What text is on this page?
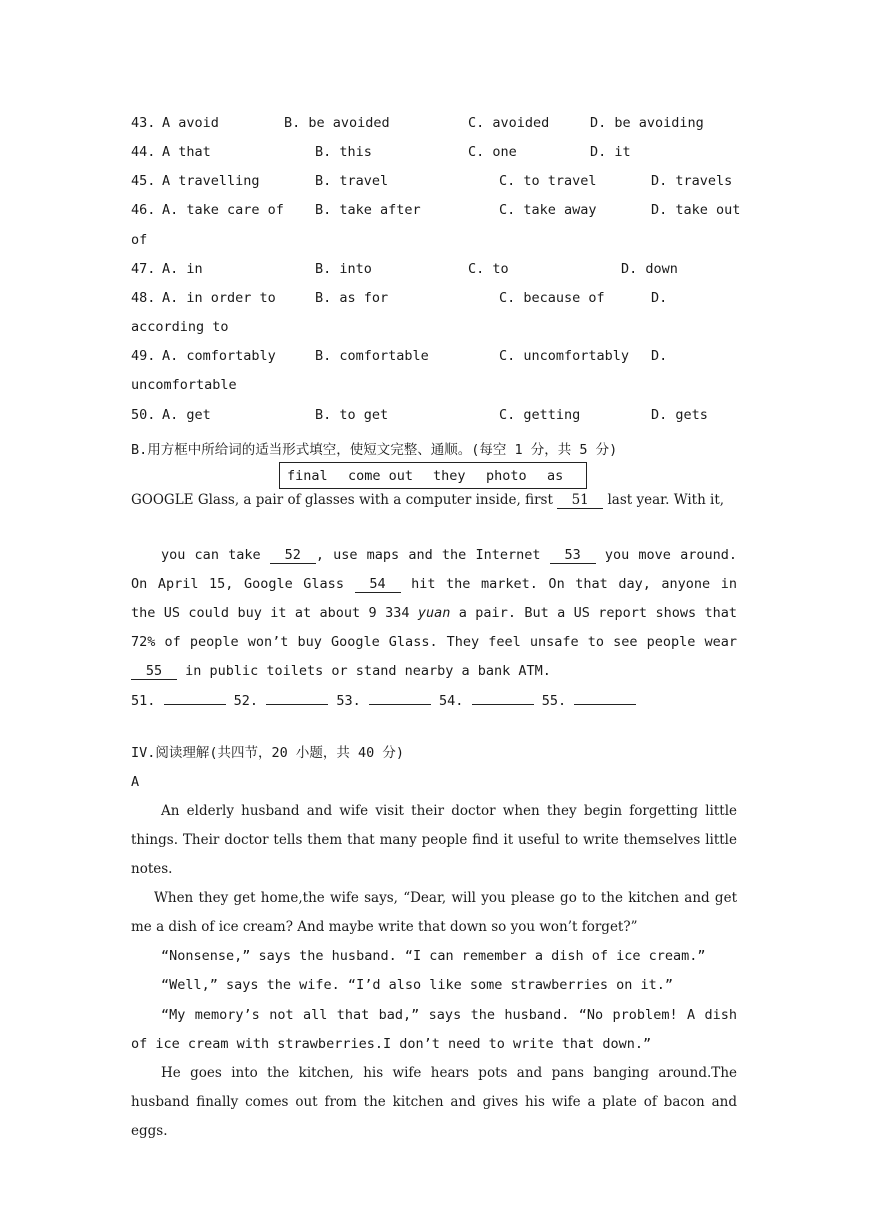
43. A avoid	B. be avoided	C. avoided	D. be avoiding
44. A that	B. this	C. one	D. it
45. A travelling	B. travel	C. to travel	D. travels
46. A. take care of B. take after	C. take away	D. take out
of
47. A. in	B. into	C. to	D. down
48. A. in order to	B. as for	C. because of	D.
according to
49. A. comfortably	B. comfortable	C. uncomfortably D.
uncomfortable
50. A. get	B. to get	C. getting	D. gets
B.用方框中所给词的适当形式填空，使短文完整、通顺。(每空 1 分，共 5 分)
final come out they photo as
GOOGLE Glass, a pair of glasses with a computer inside, first 51 last year. With it,
you can take 52 , use maps and the Internet 53 you move around. On April 15, Google Glass 54 hit the market. On that day, anyone in the US could buy it at about 9 334 yuan a pair. But a US report shows that 72% of people won’t buy Google Glass. They feel unsafe to see people wear 55 in public toilets or stand nearby a bank ATM.
51.	52.	53.	54.	55.
IV.阅读理解(共四节，20 小题，共 40 分)
A
An elderly husband and wife visit their doctor when they begin forgetting little things. Their doctor tells them that many people find it useful to write themselves little notes.
When they get home,the wife says, “Dear, will you please go to the kitchen and get me a dish of ice cream? And maybe write that down so you won’t forget?”
“Nonsense,” says the husband. “I can remember a dish of ice cream.”
“Well,” says the wife. “I’d also like some strawberries on it.”
“My memory’s not all that bad,” says the husband. “No problem! A dish of ice cream with strawberries.I don’t need to write that down.”
He goes into the kitchen, his wife hears pots and pans banging around.The husband finally comes out from the kitchen and gives his wife a plate of bacon and eggs.
